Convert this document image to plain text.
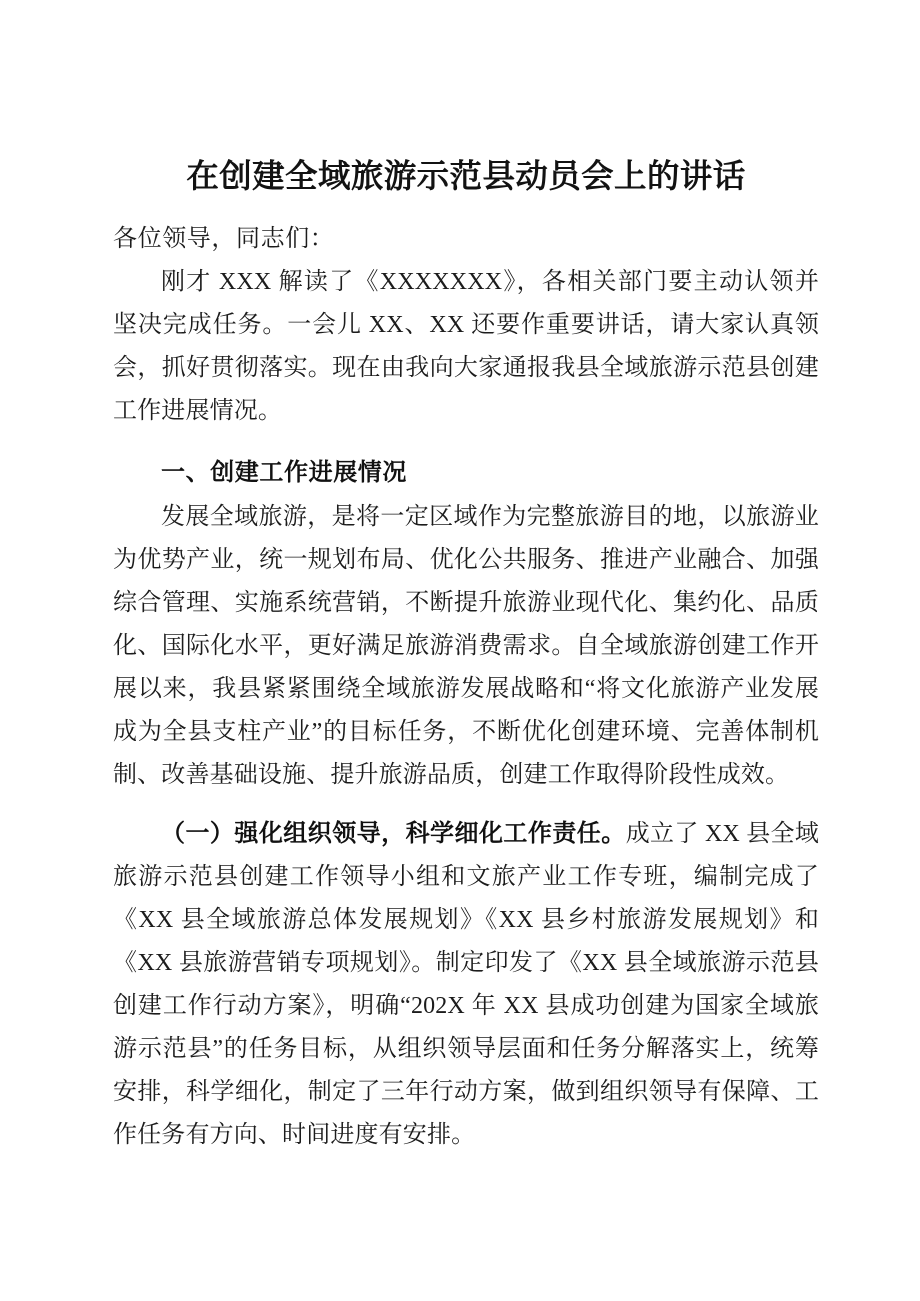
在创建全域旅游示范县动员会上的讲话

各位领导，同志们：

刚才 XXX 解读了《XXXXXXX》，各相关部门要主动认领并坚决完成任务。一会儿 XX、XX 还要作重要讲话，请大家认真领会，抓好贯彻落实。现在由我向大家通报我县全域旅游示范县创建工作进展情况。

一、创建工作进展情况

发展全域旅游，是将一定区域作为完整旅游目的地，以旅游业为优势产业，统一规划布局、优化公共服务、推进产业融合、加强综合管理、实施系统营销，不断提升旅游业现代化、集约化、品质化、国际化水平，更好满足旅游消费需求。自全域旅游创建工作开展以来，我县紧紧围绕全域旅游发展战略和“将文化旅游产业发展成为全县支柱产业”的目标任务，不断优化创建环境、完善体制机制、改善基础设施、提升旅游品质，创建工作取得阶段性成效。

（一）强化组织领导，科学细化工作责任。成立了 XX 县全域旅游示范县创建工作领导小组和文旅产业工作专班，编制完成了《XX 县全域旅游总体发展规划》《XX 县乡村旅游发展规划》和《XX 县旅游营销专项规划》。制定印发了《XX 县全域旅游示范县创建工作行动方案》，明确“202X 年 XX 县成功创建为国家全域旅游示范县”的任务目标，从组织领导层面和任务分解落实上，统筹安排，科学细化，制定了三年行动方案，做到组织领导有保障、工作任务有方向、时间进度有安排。
